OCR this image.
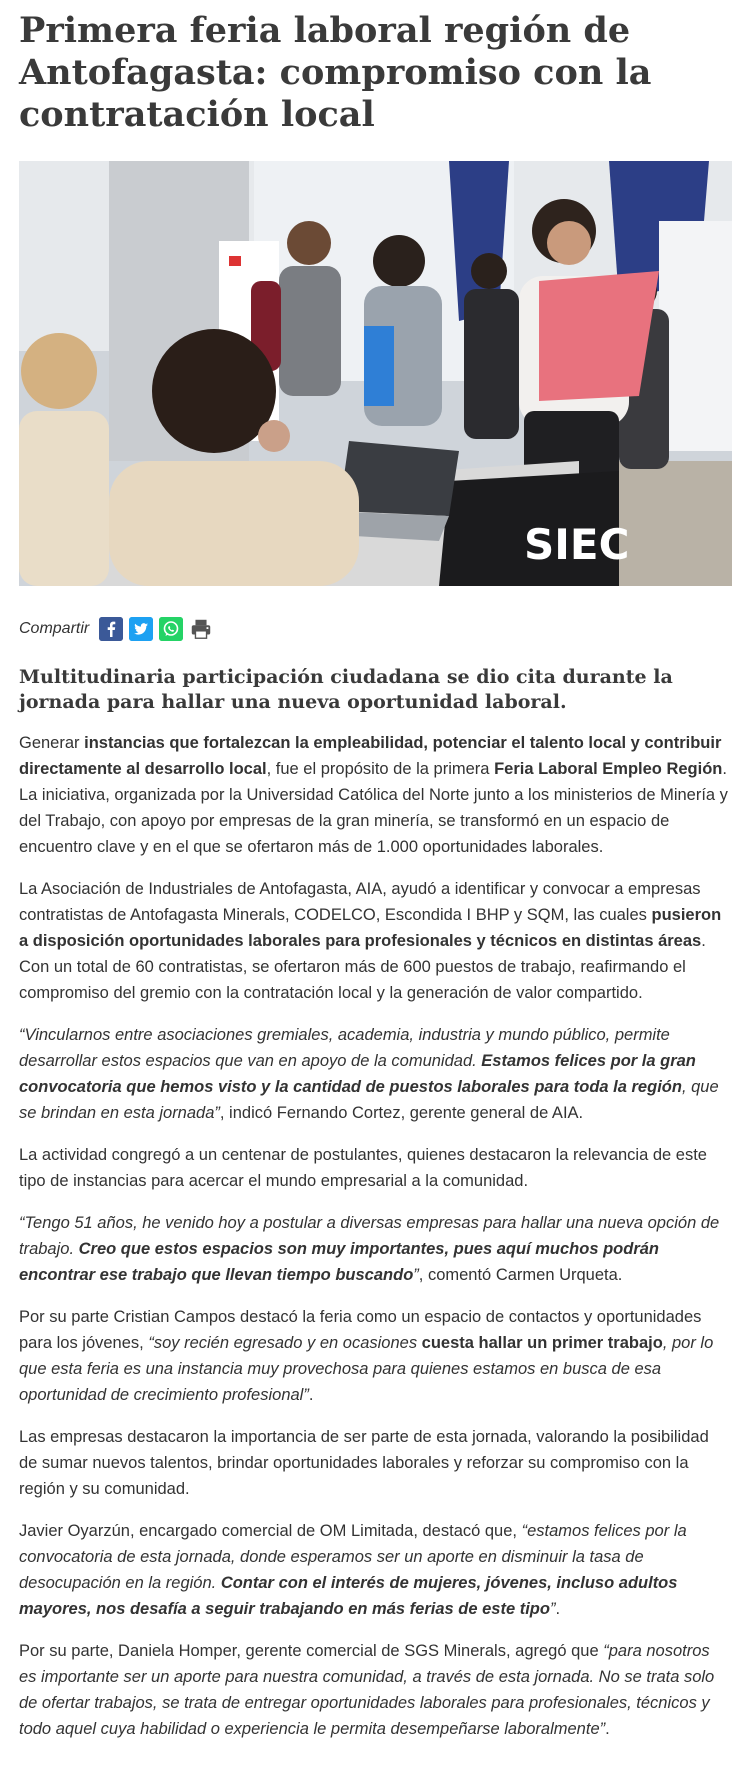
Primera feria laboral región de Antofagasta: compromiso con la contratación local
SIEC
Compartir
Multitudinaria participación ciudadana se dio cita durante la jornada para hallar una nueva oportunidad laboral.

Generar instancias que fortalezcan la empleabilidad, potenciar el talento local y contribuir directamente al desarrollo local, fue el propósito de la primera Feria Laboral Empleo Región. La iniciativa, organizada por la Universidad Católica del Norte junto a los ministerios de Minería y del Trabajo, con apoyo por empresas de la gran minería, se transformó en un espacio de encuentro clave y en el que se ofertaron más de 1.000 oportunidades laborales.

La Asociación de Industriales de Antofagasta, AIA, ayudó a identificar y convocar a empresas contratistas de Antofagasta Minerals, CODELCO, Escondida I BHP y SQM, las cuales pusieron a disposición oportunidades laborales para profesionales y técnicos en distintas áreas. Con un total de 60 contratistas, se ofertaron más de 600 puestos de trabajo, reafirmando el compromiso del gremio con la contratación local y la generación de valor compartido.

“Vincularnos entre asociaciones gremiales, academia, industria y mundo público, permite desarrollar estos espacios que van en apoyo de la comunidad. Estamos felices por la gran convocatoria que hemos visto y la cantidad de puestos laborales para toda la región, que se brindan en esta jornada”, indicó Fernando Cortez, gerente general de AIA.

La actividad congregó a un centenar de postulantes, quienes destacaron la relevancia de este tipo de instancias para acercar el mundo empresarial a la comunidad.

“Tengo 51 años, he venido hoy a postular a diversas empresas para hallar una nueva opción de trabajo. Creo que estos espacios son muy importantes, pues aquí muchos podrán encontrar ese trabajo que llevan tiempo buscando”, comentó Carmen Urqueta.

Por su parte Cristian Campos destacó la feria como un espacio de contactos y oportunidades para los jóvenes, “soy recién egresado y en ocasiones cuesta hallar un primer trabajo, por lo que esta feria es una instancia muy provechosa para quienes estamos en busca de esa oportunidad de crecimiento profesional”.

Las empresas destacaron la importancia de ser parte de esta jornada, valorando la posibilidad de sumar nuevos talentos, brindar oportunidades laborales y reforzar su compromiso con la región y su comunidad.

Javier Oyarzún, encargado comercial de OM Limitada, destacó que, “estamos felices por la convocatoria de esta jornada, donde esperamos ser un aporte en disminuir la tasa de desocupación en la región. Contar con el interés de mujeres, jóvenes, incluso adultos mayores, nos desafía a seguir trabajando en más ferias de este tipo”.

Por su parte, Daniela Homper, gerente comercial de SGS Minerals, agregó que “para nosotros es importante ser un aporte para nuestra comunidad, a través de esta jornada. No se trata solo de ofertar trabajos, se trata de entregar oportunidades laborales para profesionales, técnicos y todo aquel cuya habilidad o experiencia le permita desempeñarse laboralmente”.
